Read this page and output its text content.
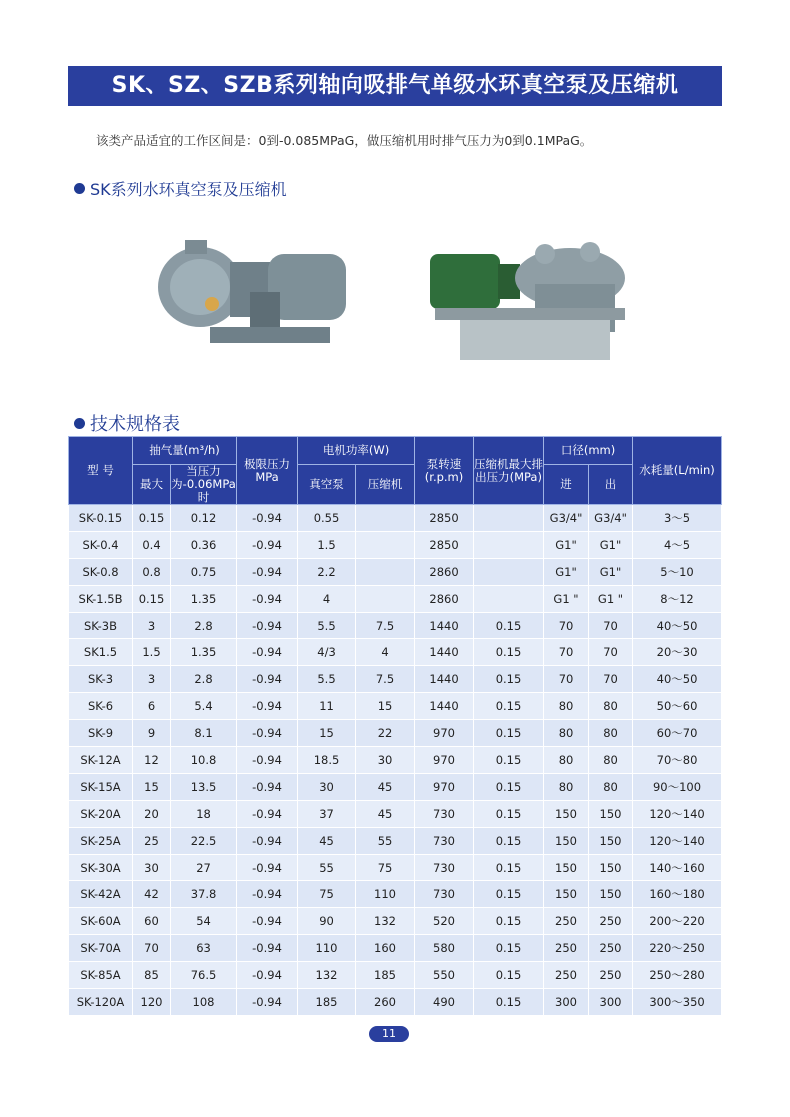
SK、SZ、SZB系列轴向吸排气单级水环真空泵及压缩机
该类产品适宜的工作区间是：0到-0.085MPaG，做压缩机用时排气压力为0到0.1MPaG。
SK系列水环真空泵及压缩机
技术规格表
型 号	抽气量(m³/h)		极限压力MPa	电机功率(W)		泵转速(r.p.m)	压缩机最大排出压力(MPa)	口径(mm)		水耗量(L/min)
	最大	当压力为-0.06MPa时		真空泵	压缩机			进	出	
SK-0.15	0.15	0.12	-0.94	0.55		2850		G3/4"	G3/4"	3～5
SK-0.4	0.4	0.36	-0.94	1.5		2850		G1"	G1"	4～5
SK-0.8	0.8	0.75	-0.94	2.2		2860		G1"	G1"	5～10
SK-1.5B	0.15	1.35	-0.94	4		2860		G1 "	G1 "	8～12
SK-3B	3	2.8	-0.94	5.5	7.5	1440	0.15	70	70	40～50
SK1.5	1.5	1.35	-0.94	4/3	4	1440	0.15	70	70	20～30
SK-3	3	2.8	-0.94	5.5	7.5	1440	0.15	70	70	40～50
SK-6	6	5.4	-0.94	11	15	1440	0.15	80	80	50～60
SK-9	9	8.1	-0.94	15	22	970	0.15	80	80	60～70
SK-12A	12	10.8	-0.94	18.5	30	970	0.15	80	80	70～80
SK-15A	15	13.5	-0.94	30	45	970	0.15	80	80	90～100
SK-20A	20	18	-0.94	37	45	730	0.15	150	150	120～140
SK-25A	25	22.5	-0.94	45	55	730	0.15	150	150	120～140
SK-30A	30	27	-0.94	55	75	730	0.15	150	150	140～160
SK-42A	42	37.8	-0.94	75	110	730	0.15	150	150	160～180
SK-60A	60	54	-0.94	90	132	520	0.15	250	250	200～220
SK-70A	70	63	-0.94	110	160	580	0.15	250	250	220～250
SK-85A	85	76.5	-0.94	132	185	550	0.15	250	250	250～280
SK-120A	120	108	-0.94	185	260	490	0.15	300	300	300～350
11
